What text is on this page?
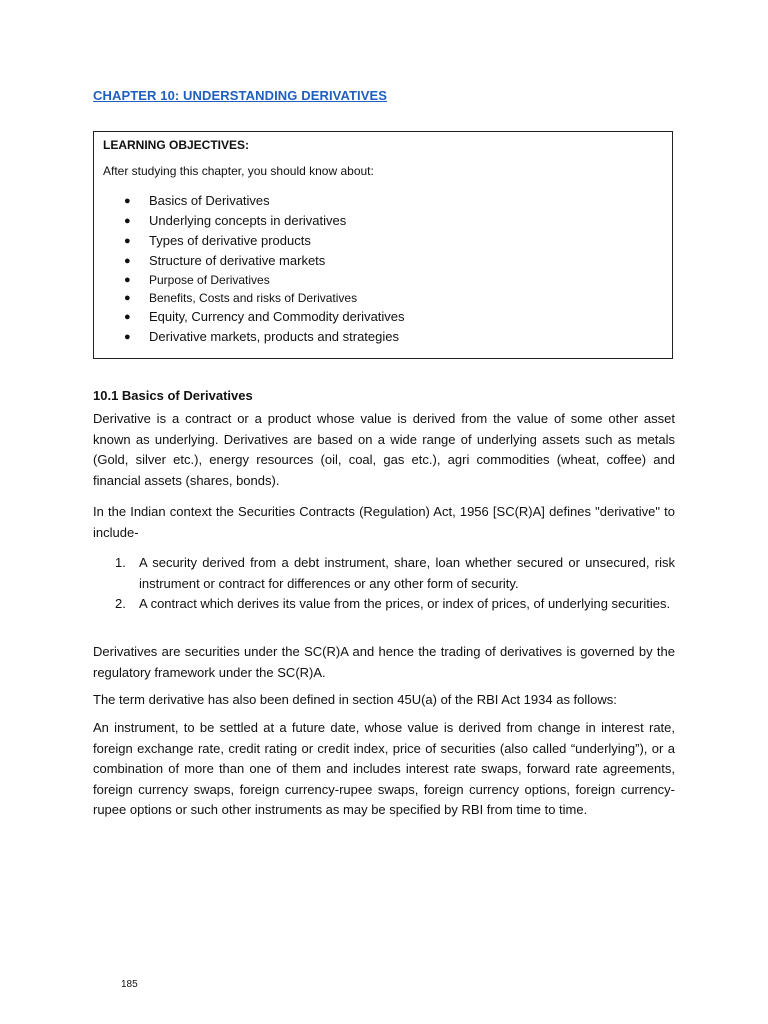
CHAPTER 10: UNDERSTANDING DERIVATIVES

LEARNING OBJECTIVES:

After studying this chapter, you should know about:

● Basics of Derivatives
● Underlying concepts in derivatives
● Types of derivative products
● Structure of derivative markets
● Purpose of Derivatives
● Benefits, Costs and risks of Derivatives
● Equity, Currency and Commodity derivatives
● Derivative markets, products and strategies
10.1 Basics of Derivatives

Derivative is a contract or a product whose value is derived from the value of some other asset known as underlying. Derivatives are based on a wide range of underlying assets such as metals (Gold, silver etc.), energy resources (oil, coal, gas etc.), agri commodities (wheat, coffee) and financial assets (shares, bonds).

In the Indian context the Securities Contracts (Regulation) Act, 1956 [SC(R)A] defines "derivative" to include-

1. A security derived from a debt instrument, share, loan whether secured or unsecured, risk instrument or contract for differences or any other form of security.
2. A contract which derives its value from the prices, or index of prices, of underlying securities.

Derivatives are securities under the SC(R)A and hence the trading of derivatives is governed by the regulatory framework under the SC(R)A.

The term derivative has also been defined in section 45U(a) of the RBI Act 1934 as follows:

An instrument, to be settled at a future date, whose value is derived from change in interest rate, foreign exchange rate, credit rating or credit index, price of securities (also called “underlying”), or a combination of more than one of them and includes interest rate swaps, forward rate agreements, foreign currency swaps, foreign currency-rupee swaps, foreign currency options, foreign currency-rupee options or such other instruments as may be specified by RBI from time to time.

185
